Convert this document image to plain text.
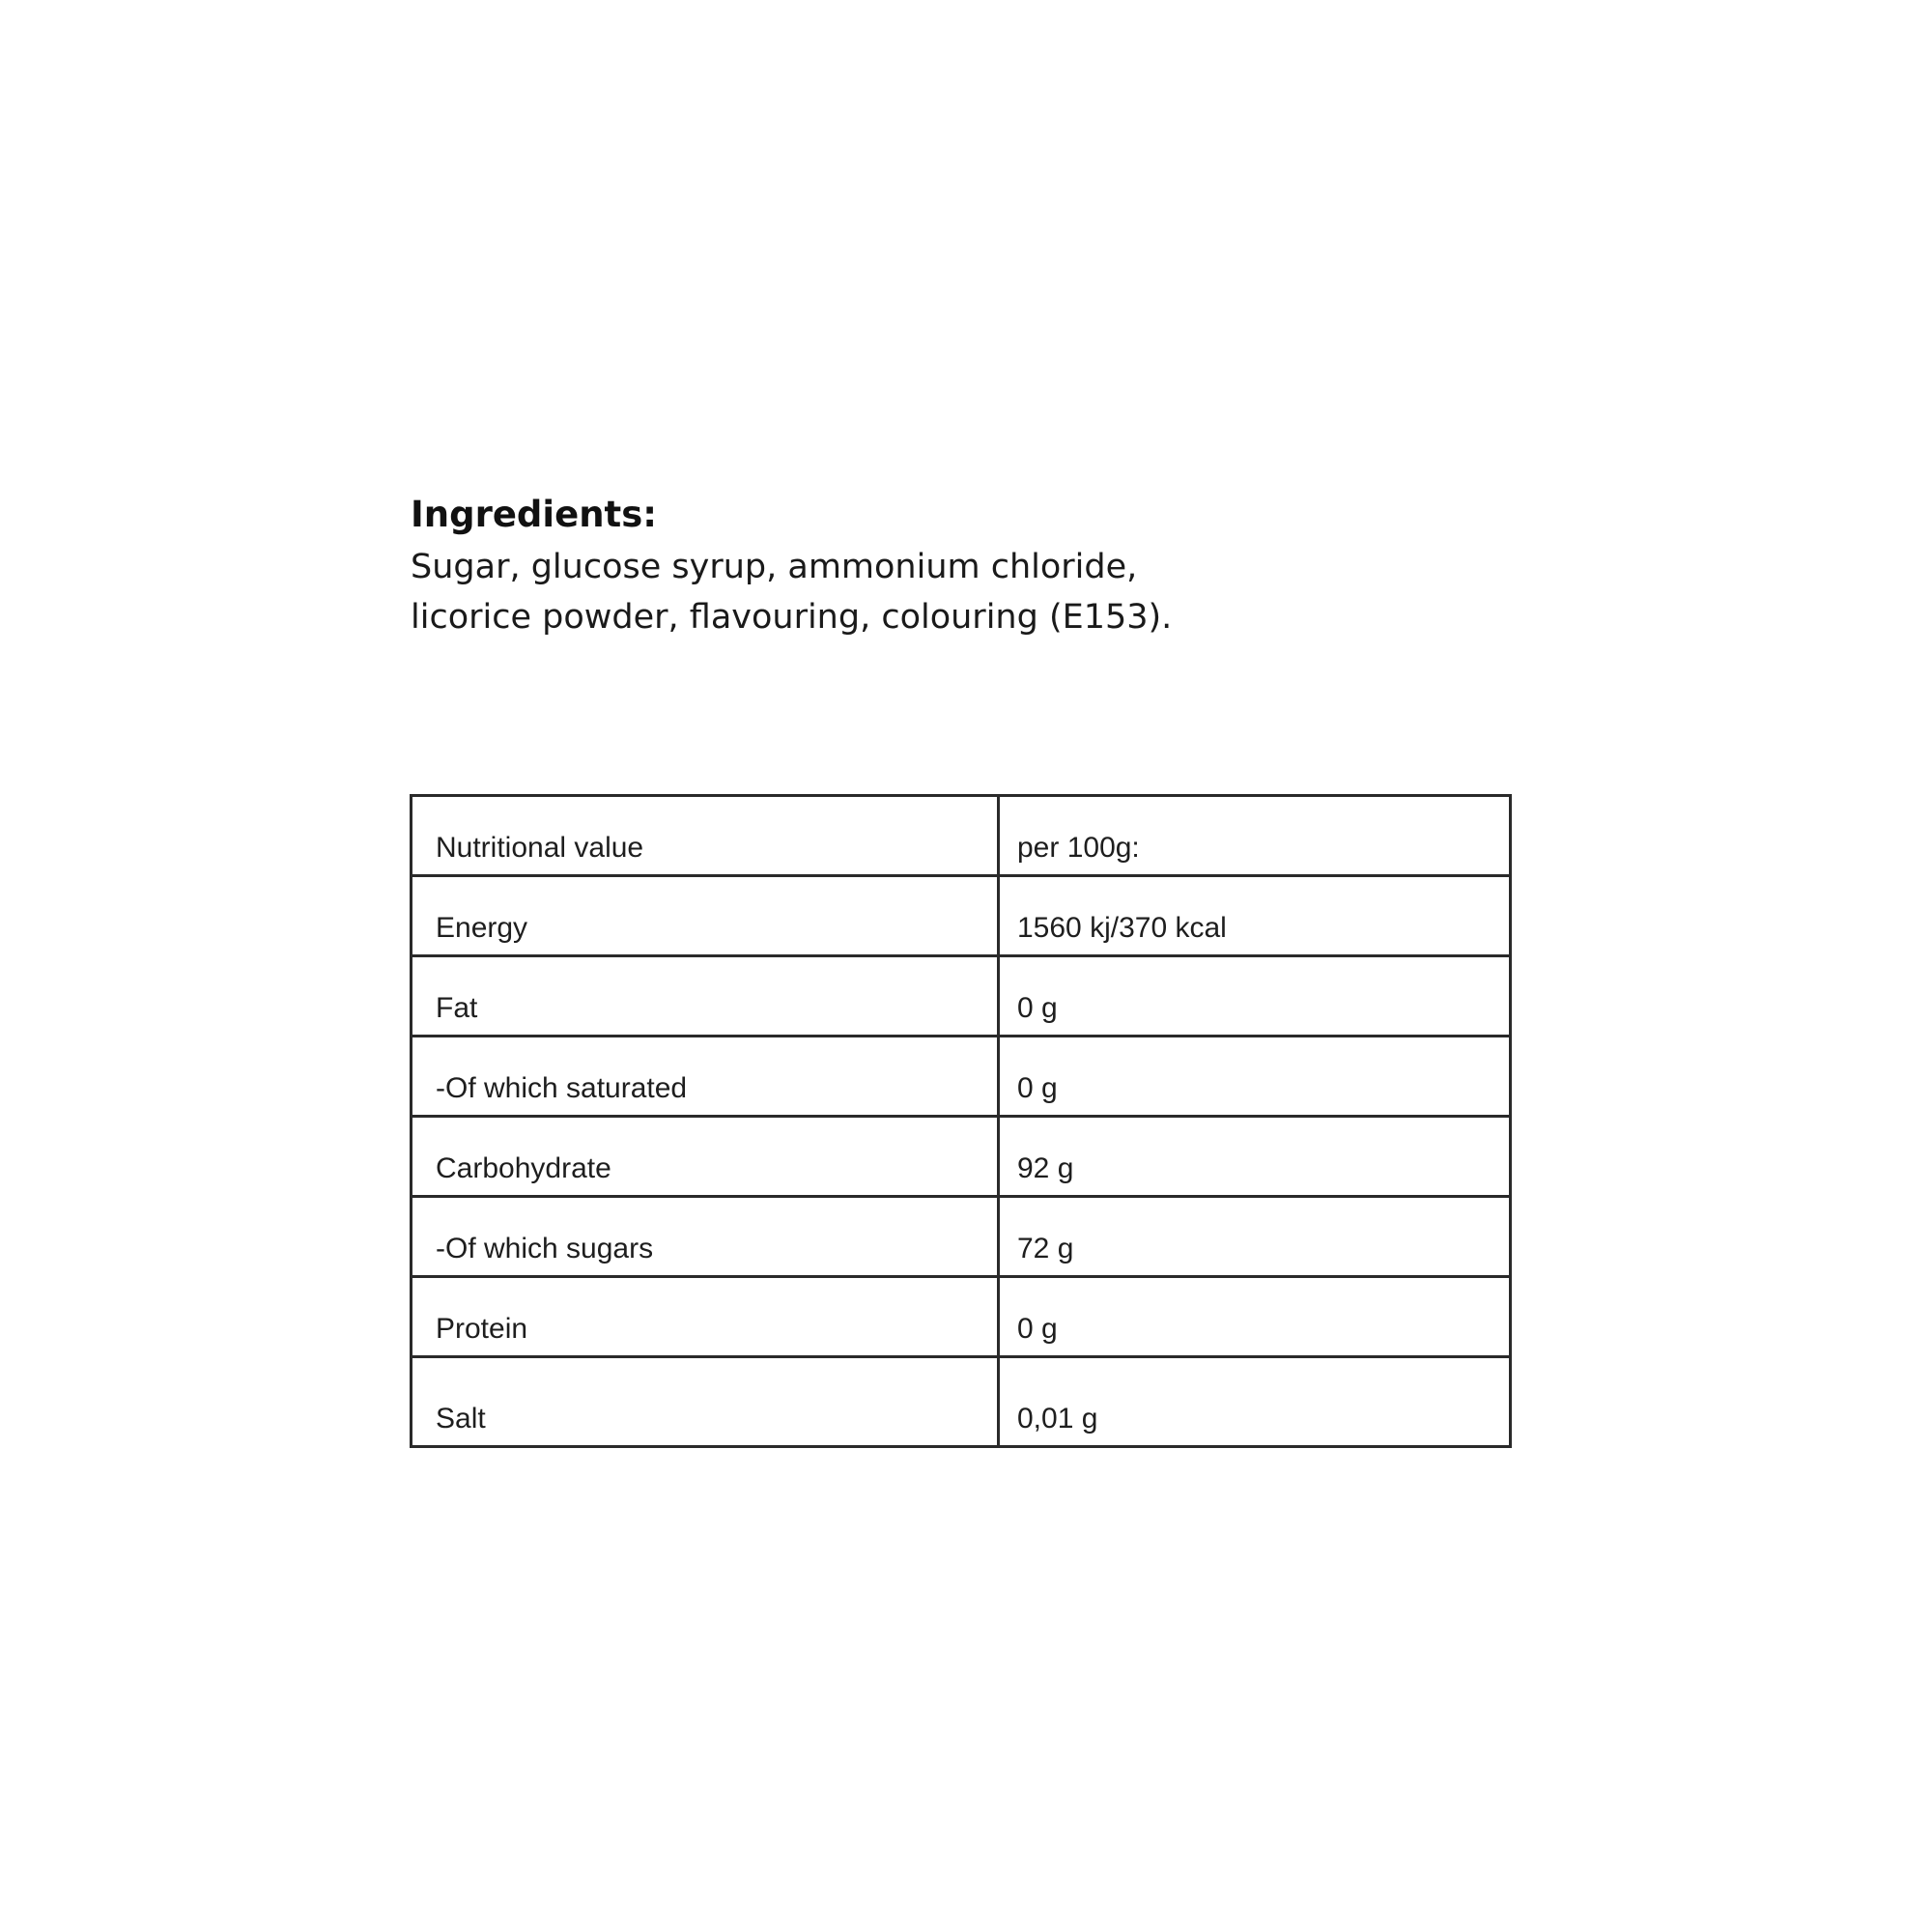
Ingredients:

Sugar, glucose syrup, ammonium chloride,
licorice powder, flavouring, colouring (E153).

Nutritional value	per 100g:
Energy	1560 kj/370 kcal
Fat	0 g
-Of which saturated	0 g
Carbohydrate	92 g
-Of which sugars	72 g
Protein	0 g
Salt	0,01 g
